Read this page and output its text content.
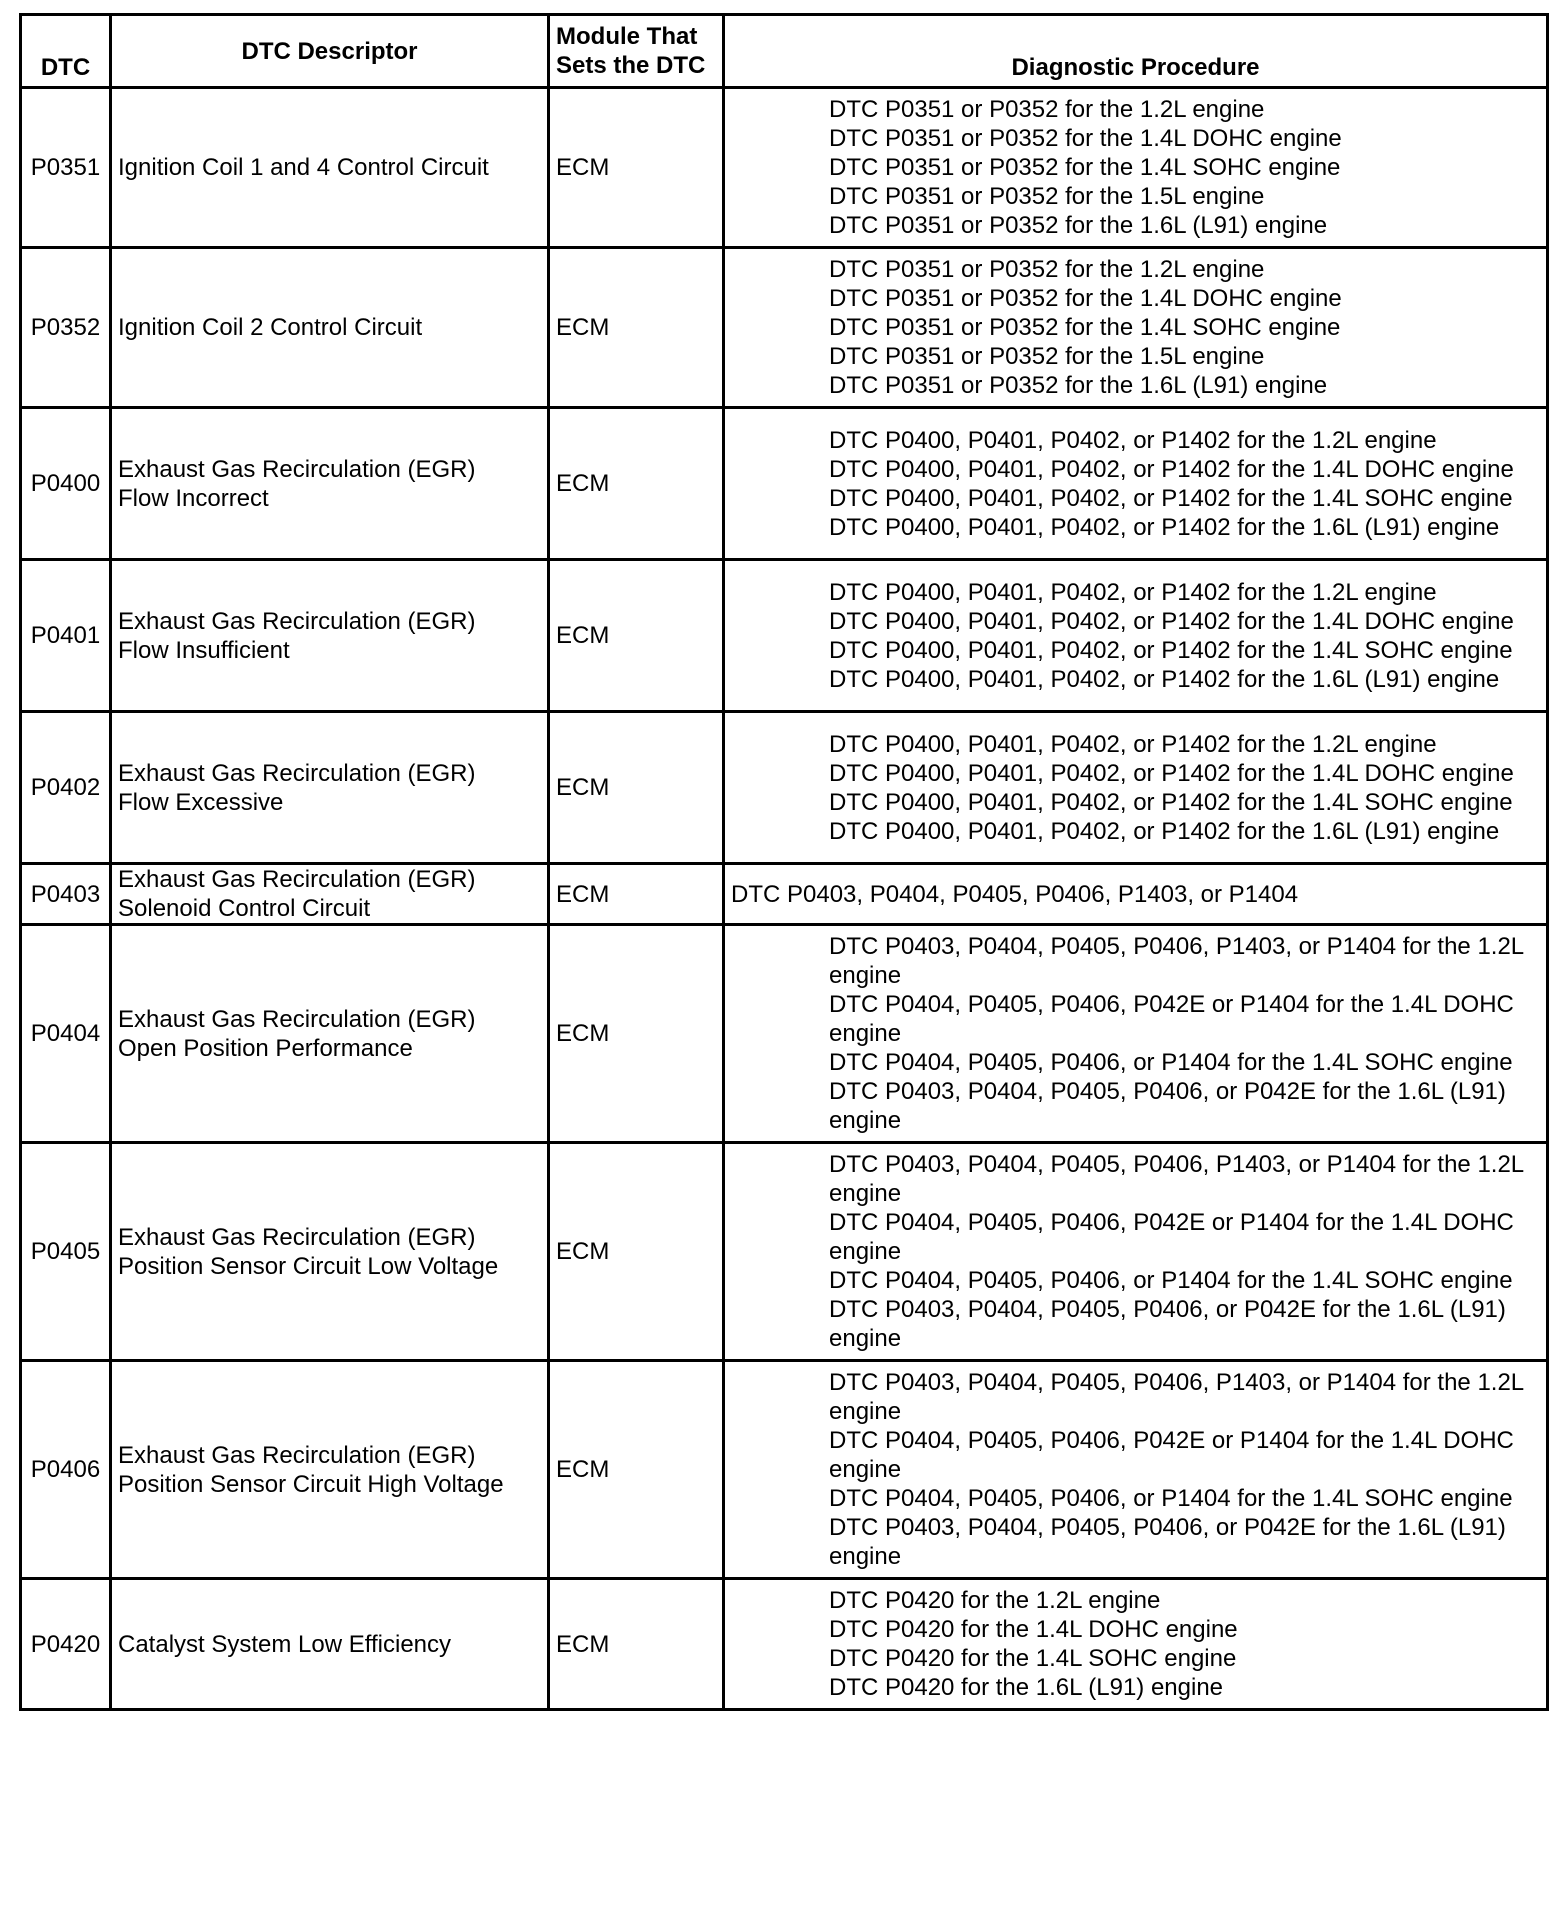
DTC	DTC Descriptor	Module That
Sets the DTC	Diagnostic Procedure
P0351	Ignition Coil 1 and 4 Control Circuit	ECM	DTC P0351 or P0352 for the 1.2L engine
DTC P0351 or P0352 for the 1.4L DOHC engine
DTC P0351 or P0352 for the 1.4L SOHC engine
DTC P0351 or P0352 for the 1.5L engine
DTC P0351 or P0352 for the 1.6L (L91) engine

P0352	Ignition Coil 2 Control Circuit	ECM	DTC P0351 or P0352 for the 1.2L engine
DTC P0351 or P0352 for the 1.4L DOHC engine
DTC P0351 or P0352 for the 1.4L SOHC engine
DTC P0351 or P0352 for the 1.5L engine
DTC P0351 or P0352 for the 1.6L (L91) engine

P0400	Exhaust Gas Recirculation (EGR)
Flow Incorrect	ECM	DTC P0400, P0401, P0402, or P1402 for the 1.2L engine
DTC P0400, P0401, P0402, or P1402 for the 1.4L DOHC engine
DTC P0400, P0401, P0402, or P1402 for the 1.4L SOHC engine
DTC P0400, P0401, P0402, or P1402 for the 1.6L (L91) engine

P0401	Exhaust Gas Recirculation (EGR)
Flow Insufficient	ECM	DTC P0400, P0401, P0402, or P1402 for the 1.2L engine
DTC P0400, P0401, P0402, or P1402 for the 1.4L DOHC engine
DTC P0400, P0401, P0402, or P1402 for the 1.4L SOHC engine
DTC P0400, P0401, P0402, or P1402 for the 1.6L (L91) engine

P0402	Exhaust Gas Recirculation (EGR)
Flow Excessive	ECM	DTC P0400, P0401, P0402, or P1402 for the 1.2L engine
DTC P0400, P0401, P0402, or P1402 for the 1.4L DOHC engine
DTC P0400, P0401, P0402, or P1402 for the 1.4L SOHC engine
DTC P0400, P0401, P0402, or P1402 for the 1.6L (L91) engine

P0403	Exhaust Gas Recirculation (EGR)
Solenoid Control Circuit	ECM	DTC P0403, P0404, P0405, P0406, P1403, or P1404

P0404	Exhaust Gas Recirculation (EGR)
Open Position Performance	ECM	DTC P0403, P0404, P0405, P0406, P1403, or P1404 for the 1.2L engine
DTC P0404, P0405, P0406, P042E or P1404 for the 1.4L DOHC engine
DTC P0404, P0405, P0406, or P1404 for the 1.4L SOHC engine
DTC P0403, P0404, P0405, P0406, or P042E for the 1.6L (L91) engine

P0405	Exhaust Gas Recirculation (EGR)
Position Sensor Circuit Low Voltage	ECM	DTC P0403, P0404, P0405, P0406, P1403, or P1404 for the 1.2L engine
DTC P0404, P0405, P0406, P042E or P1404 for the 1.4L DOHC engine
DTC P0404, P0405, P0406, or P1404 for the 1.4L SOHC engine
DTC P0403, P0404, P0405, P0406, or P042E for the 1.6L (L91) engine

P0406	Exhaust Gas Recirculation (EGR)
Position Sensor Circuit High Voltage	ECM	DTC P0403, P0404, P0405, P0406, P1403, or P1404 for the 1.2L engine
DTC P0404, P0405, P0406, P042E or P1404 for the 1.4L DOHC engine
DTC P0404, P0405, P0406, or P1404 for the 1.4L SOHC engine
DTC P0403, P0404, P0405, P0406, or P042E for the 1.6L (L91) engine

P0420	Catalyst System Low Efficiency	ECM	DTC P0420 for the 1.2L engine
DTC P0420 for the 1.4L DOHC engine
DTC P0420 for the 1.4L SOHC engine
DTC P0420 for the 1.6L (L91) engine
